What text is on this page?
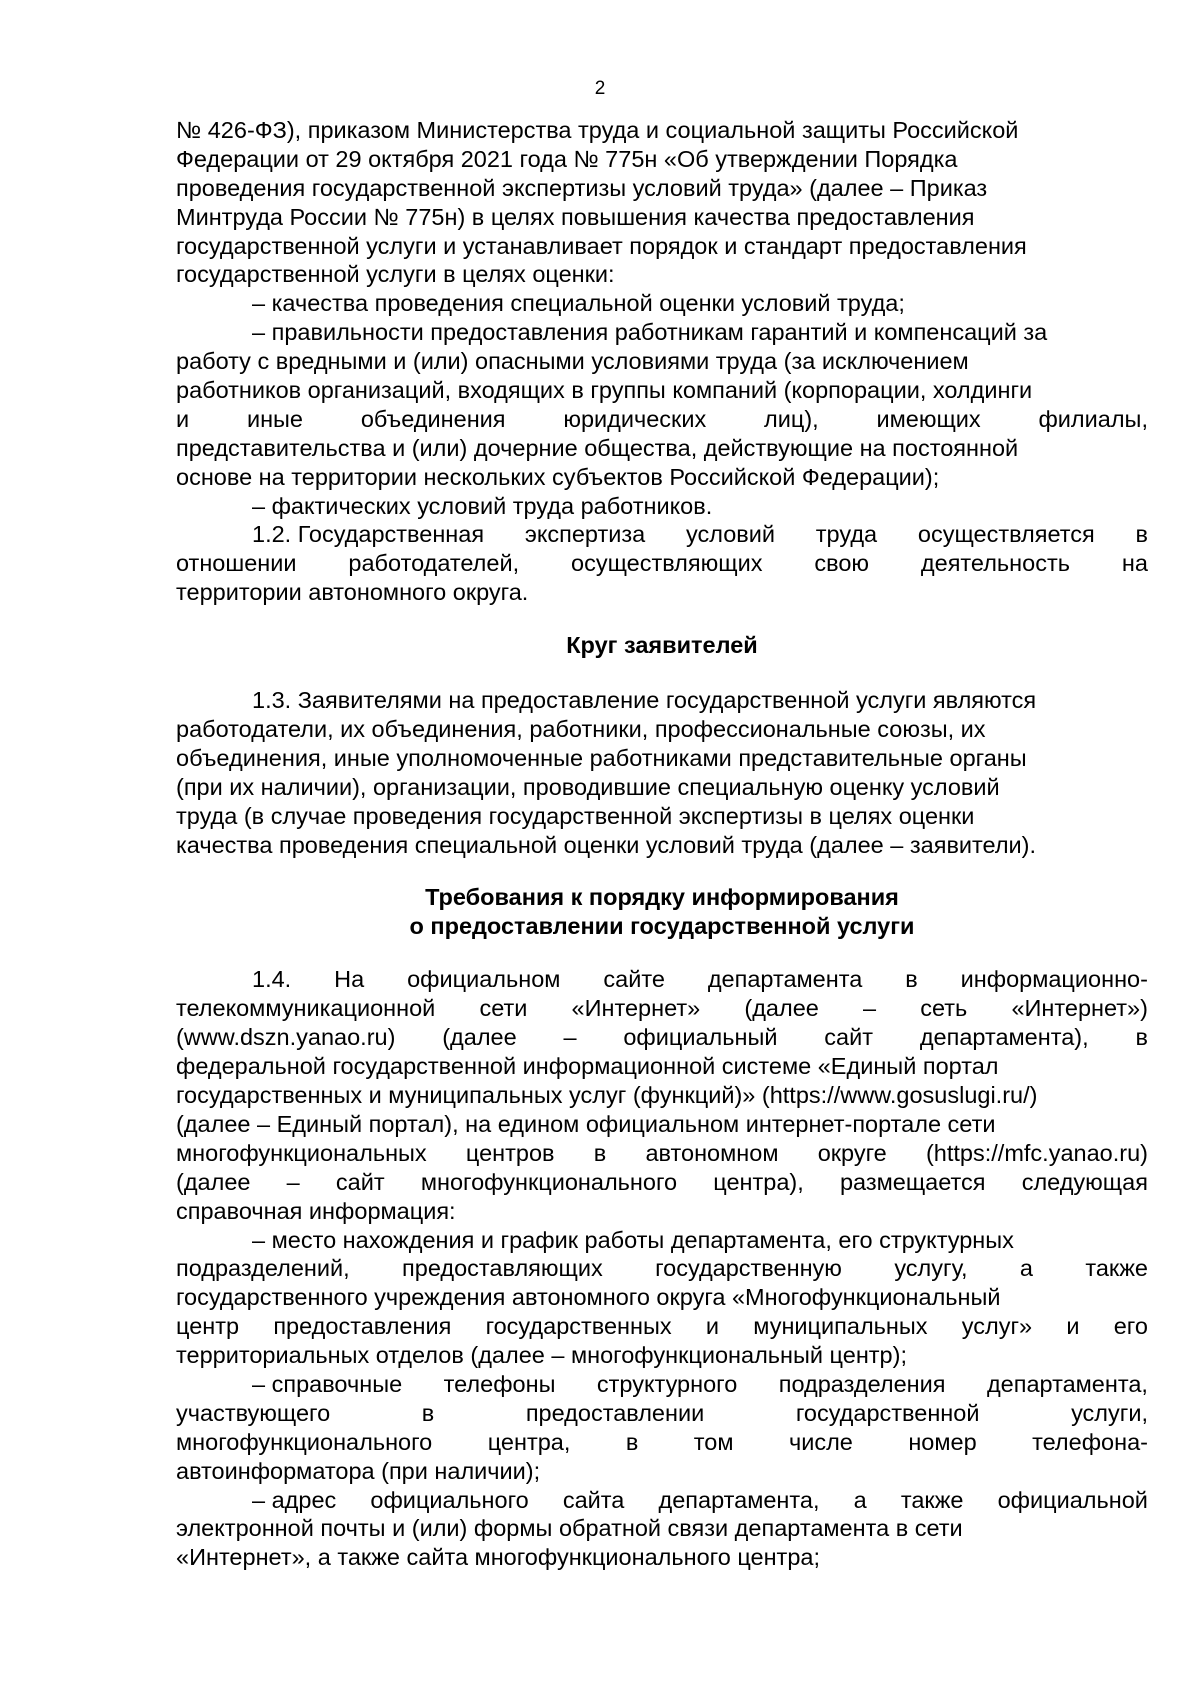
2
№ 426-ФЗ), приказом Министерства труда и социальной защиты Российской
Федерации от 29 октября 2021 года № 775н «Об утверждении Порядка
проведения государственной экспертизы условий труда» (далее – Приказ
Минтруда России № 775н) в целях повышения качества предоставления
государственной услуги и устанавливает порядок и стандарт предоставления
государственной услуги в целях оценки:
– качества проведения специальной оценки условий труда;
– правильности предоставления работникам гарантий и компенсаций за
работу с вредными и (или) опасными условиями труда (за исключением
работников организаций, входящих в группы компаний (корпорации, холдинги
и иные объединения юридических лиц), имеющих филиалы,
представительства и (или) дочерние общества, действующие на постоянной
основе на территории нескольких субъектов Российской Федерации);
– фактических условий труда работников.
1.2. Государственная экспертиза условий труда осуществляется в
отношении работодателей, осуществляющих свою деятельность на
территории автономного округа.
Круг заявителей
1.3. Заявителями на предоставление государственной услуги являются
работодатели, их объединения, работники, профессиональные союзы, их
объединения, иные уполномоченные работниками представительные органы
(при их наличии), организации, проводившие специальную оценку условий
труда (в случае проведения государственной экспертизы в целях оценки
качества проведения специальной оценки условий труда (далее – заявители).
Требования к порядку информирования
о предоставлении государственной услуги
1.4. На официальном сайте департамента в информационно-
телекоммуникационной сети «Интернет» (далее – сеть «Интернет»)
(www.dszn.yanao.ru) (далее – официальный сайт департамента), в
федеральной государственной информационной системе «Единый портал
государственных и муниципальных услуг (функций)» (https://www.gosuslugi.ru/)
(далее – Единый портал), на едином официальном интернет-портале сети
многофункциональных центров в автономном округе (https://mfc.yanao.ru)
(далее – сайт многофункционального центра), размещается следующая
справочная информация:
– место нахождения и график работы департамента, его структурных
подразделений, предоставляющих государственную услугу, а также
государственного учреждения автономного округа «Многофункциональный
центр предоставления государственных и муниципальных услуг» и его
территориальных отделов (далее – многофункциональный центр);
– справочные телефоны структурного подразделения департамента,
участвующего	в	предоставлении	государственной	услуги,
многофункционального центра, в том числе номер телефона-
автоинформатора (при наличии);
– адрес официального сайта департамента, а также официальной
электронной почты и (или) формы обратной связи департамента в сети
«Интернет», а также сайта многофункционального центра;
